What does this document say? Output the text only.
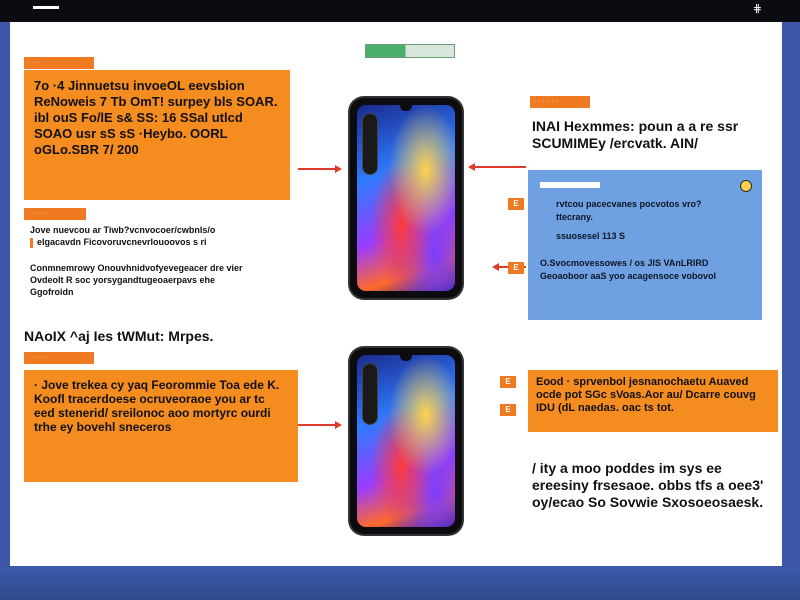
⋕
· · ·
7o ·4 Jinnuetsu invoeOL eevsbion ReNoweis 7 Tb OmT! surpey bls SOAR. ibl ouS Fo/lE s& SS: 16 SSal utlcd SOAO usr sS sS ·Heybo. OORL oGLo.SBR 7/ 200
· · · · ·
Jove nuevcou ar Tiwb?vcnvocoer/cwbnls/o
elgacavdn Ficovoruvcnevrlouoovos s ri
Conmnemrowy Onouvhnidvofyevegeacer dre vier
Ovdeolt R soc yorsygandtugeoaerpavs ehe
Ggofroidn
NAoIX ^aj Ies tWMut: Mrpes.
· · · · ·
· Jove trekea cy yaq Feorommie Toa ede K. Koofl tracerdoese ocruveoraoe you ar tc eed stenerid/ sreilonoc aoo mortyrc ourdi trhe ey bovehl sneceros
· · · · · ·
INAI Hexmmes: poun a a re ssr SCUMIMEy /ercvatk. AIN/
rvtcou pacecvanes pocvotos vro?
ttecrany.
ssuosesel 113 S
O.Svocmovessowes / os JIS VAnLRIRD
Geoaoboor aaS yoo acagensoce vobovol
E
E
Eood · sprvenbol jesnanochaetu Auaved ocde pot SGc sVoas.Aor au/ Dcarre couvg IDU (dL naedas. oac ts tot.
E
E
/ ity a moo poddes im sys ee ereesiny frsesaoe. obbs tfs a oee3' oy/ecao So Sovwie Sxosoeosaesk.
